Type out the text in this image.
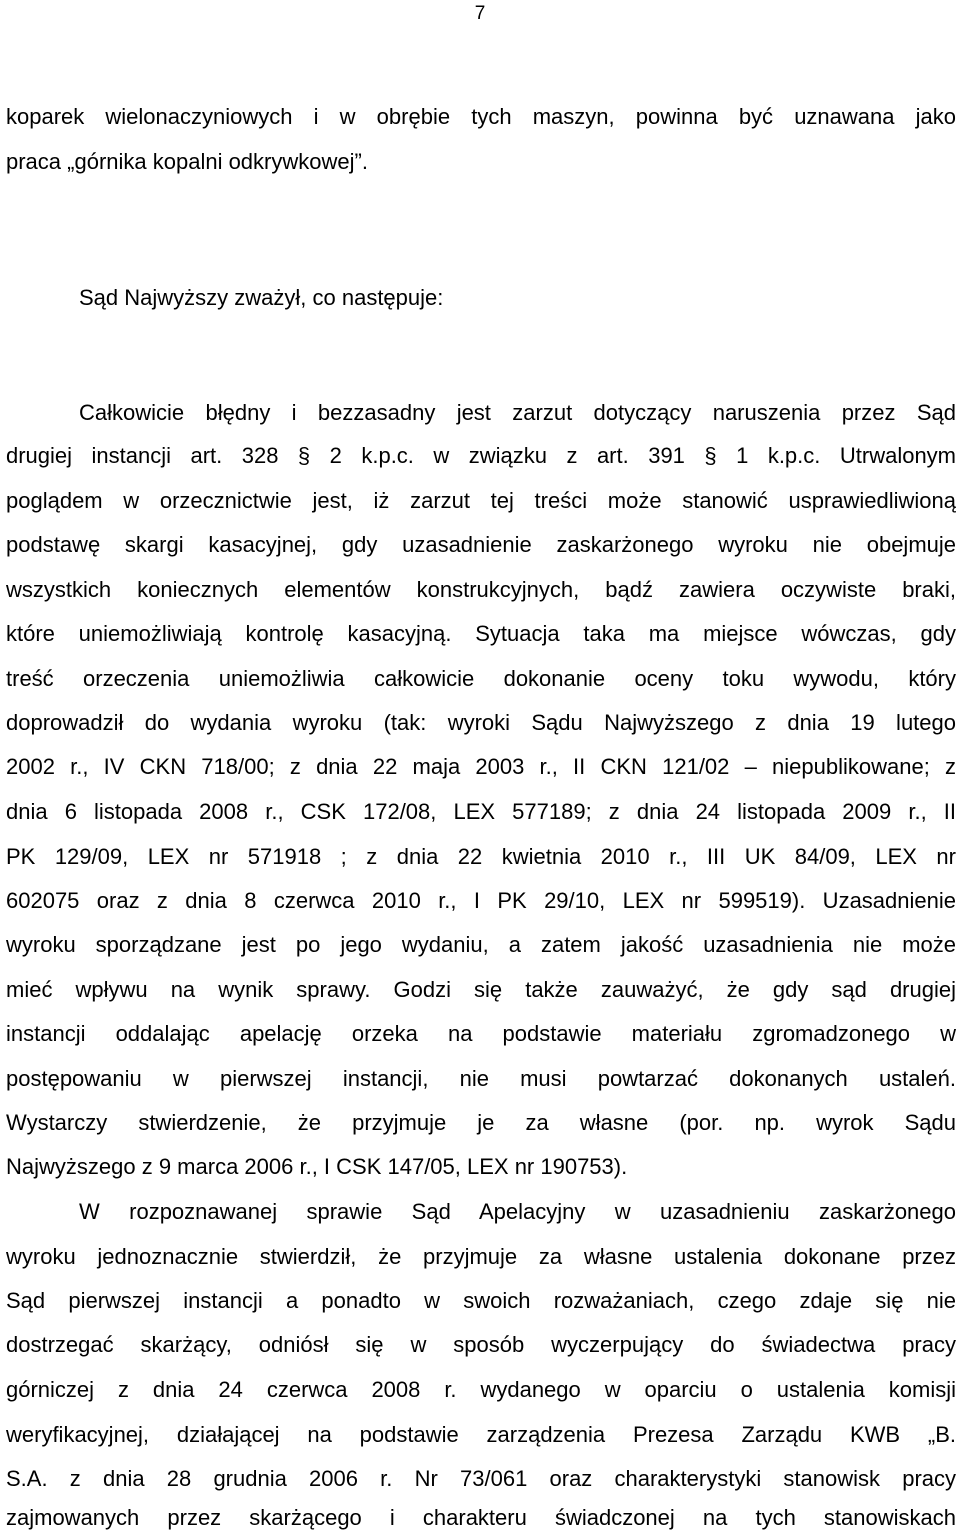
7
koparek wielonaczyniowych i w obrębie tych maszyn, powinna być uznawana jako
praca „górnika kopalni odkrywkowej”.
Sąd Najwyższy zważył, co następuje:
Całkowicie błędny i bezzasadny jest zarzut dotyczący naruszenia przez Sąd
drugiej instancji art. 328 § 2 k.p.c. w związku z art. 391 § 1 k.p.c. Utrwalonym
poglądem w orzecznictwie jest, iż zarzut tej treści może stanowić usprawiedliwioną
podstawę skargi kasacyjnej, gdy uzasadnienie zaskarżonego wyroku nie obejmuje
wszystkich koniecznych elementów konstrukcyjnych, bądź zawiera oczywiste braki,
które uniemożliwiają kontrolę kasacyjną. Sytuacja taka ma miejsce wówczas, gdy
treść orzeczenia uniemożliwia całkowicie dokonanie oceny toku wywodu, który
doprowadził do wydania wyroku (tak: wyroki Sądu Najwyższego z dnia 19 lutego
2002 r., IV CKN 718/00; z dnia 22 maja 2003 r., II CKN 121/02 – niepublikowane; z
dnia 6 listopada 2008 r., CSK 172/08, LEX 577189; z dnia 24 listopada 2009 r., II
PK 129/09, LEX nr 571918 ; z dnia 22 kwietnia 2010 r., III UK 84/09, LEX nr
602075 oraz z dnia 8 czerwca 2010 r., I PK 29/10, LEX nr 599519). Uzasadnienie
wyroku sporządzane jest po jego wydaniu, a zatem jakość uzasadnienia nie może
mieć wpływu na wynik sprawy. Godzi się także zauważyć, że gdy sąd drugiej
instancji oddalając apelację orzeka na podstawie materiału zgromadzonego w
postępowaniu w pierwszej instancji, nie musi powtarzać dokonanych ustaleń.
Wystarczy stwierdzenie, że przyjmuje je za własne (por. np. wyrok Sądu
Najwyższego z 9 marca 2006 r., I CSK 147/05, LEX nr 190753).
W rozpoznawanej sprawie Sąd Apelacyjny w uzasadnieniu zaskarżonego
wyroku jednoznacznie stwierdził, że przyjmuje za własne ustalenia dokonane przez
Sąd pierwszej instancji a ponadto w swoich rozważaniach, czego zdaje się nie
dostrzegać skarżący, odniósł się w sposób wyczerpujący do świadectwa pracy
górniczej z dnia 24 czerwca 2008 r. wydanego w oparciu o ustalenia komisji
weryfikacyjnej, działającej na podstawie zarządzenia Prezesa Zarządu KWB „B.
S.A. z dnia 28 grudnia 2006 r. Nr 73/061 oraz charakterystyki stanowisk pracy
zajmowanych przez skarżącego i charakteru świadczonej na tych stanowiskach
